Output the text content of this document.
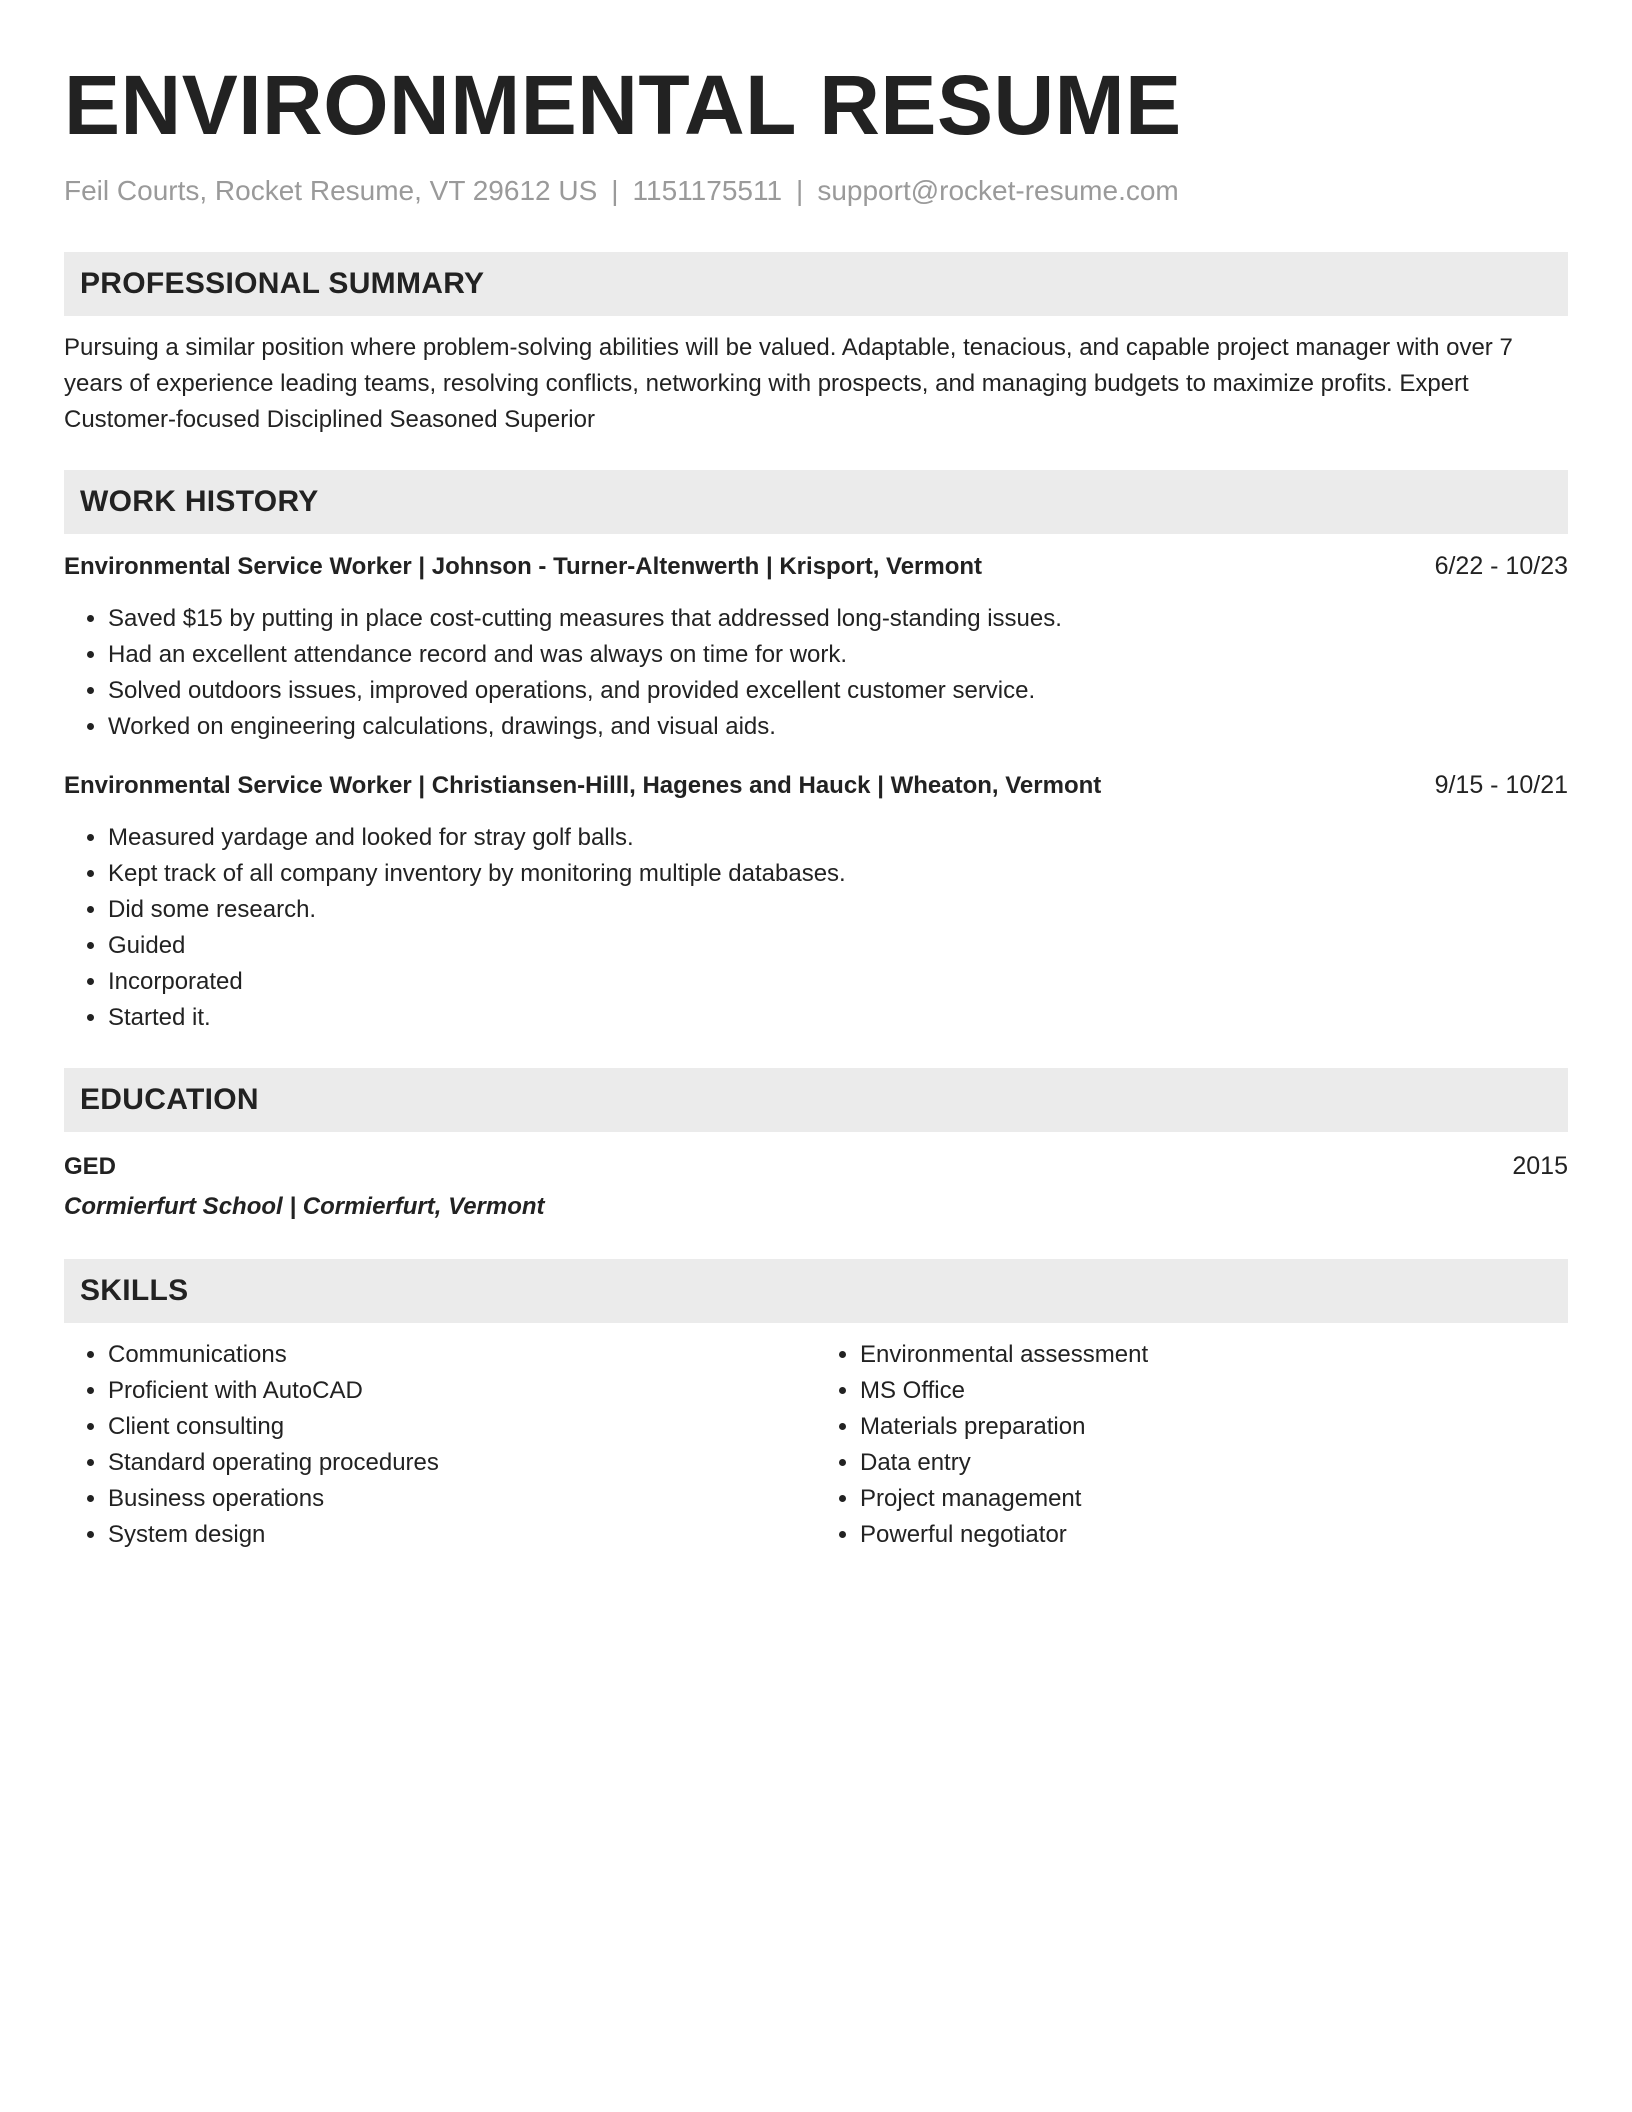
ENVIRONMENTAL RESUME
Feil Courts, Rocket Resume, VT 29612 US | 1151175511 | support@rocket-resume.com
PROFESSIONAL SUMMARY
Pursuing a similar position where problem-solving abilities will be valued. Adaptable, tenacious, and capable project manager with over 7 years of experience leading teams, resolving conflicts, networking with prospects, and managing budgets to maximize profits. Expert Customer-focused Disciplined Seasoned Superior
WORK HISTORY
Environmental Service Worker | Johnson - Turner-Altenwerth | Krisport, Vermont	6/22 - 10/23
• Saved $15 by putting in place cost-cutting measures that addressed long-standing issues.
• Had an excellent attendance record and was always on time for work.
• Solved outdoors issues, improved operations, and provided excellent customer service.
• Worked on engineering calculations, drawings, and visual aids.
Environmental Service Worker | Christiansen-Hilll, Hagenes and Hauck | Wheaton, Vermont	9/15 - 10/21
• Measured yardage and looked for stray golf balls.
• Kept track of all company inventory by monitoring multiple databases.
• Did some research.
• Guided
• Incorporated
• Started it.
EDUCATION
GED	2015
Cormierfurt School | Cormierfurt, Vermont
SKILLS
• Communications
• Proficient with AutoCAD
• Client consulting
• Standard operating procedures
• Business operations
• System design
• Environmental assessment
• MS Office
• Materials preparation
• Data entry
• Project management
• Powerful negotiator
